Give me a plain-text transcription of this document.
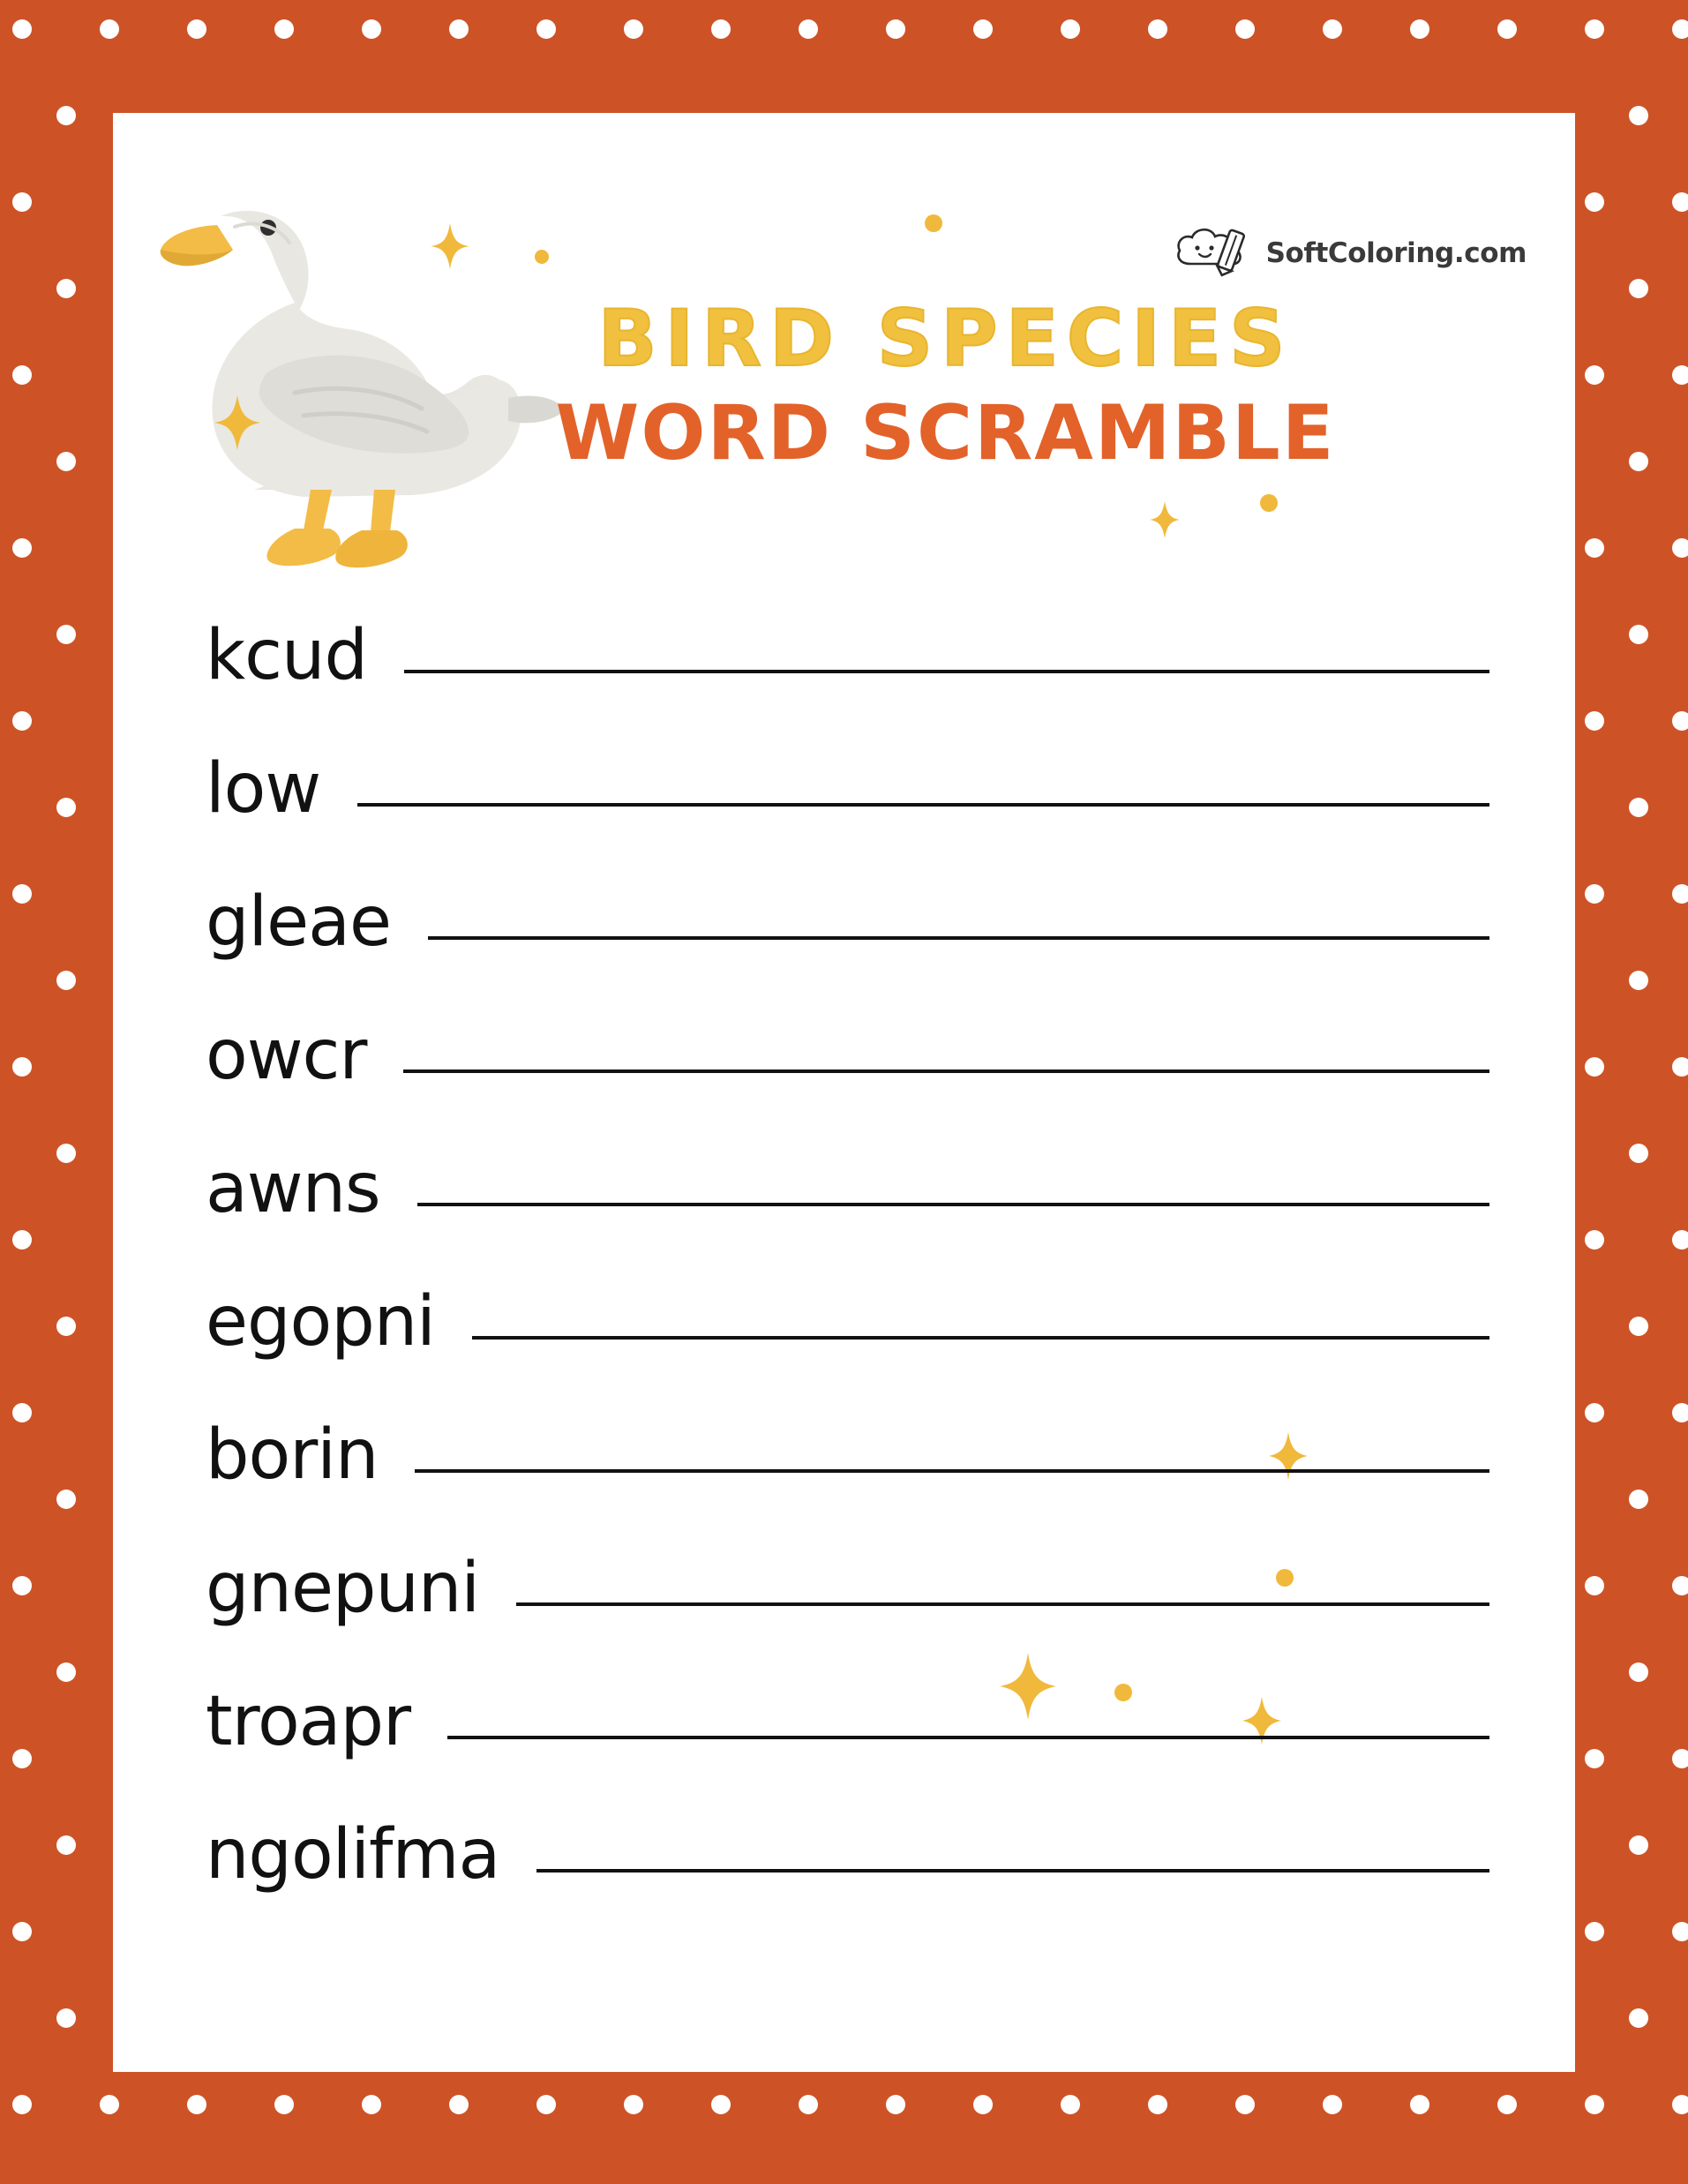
SoftColoring.com
BIRD SPECIES
WORD SCRAMBLE
kcud
low
gleae
owcr
awns
egopni
borin
gnepuni
troapr
ngolifma
